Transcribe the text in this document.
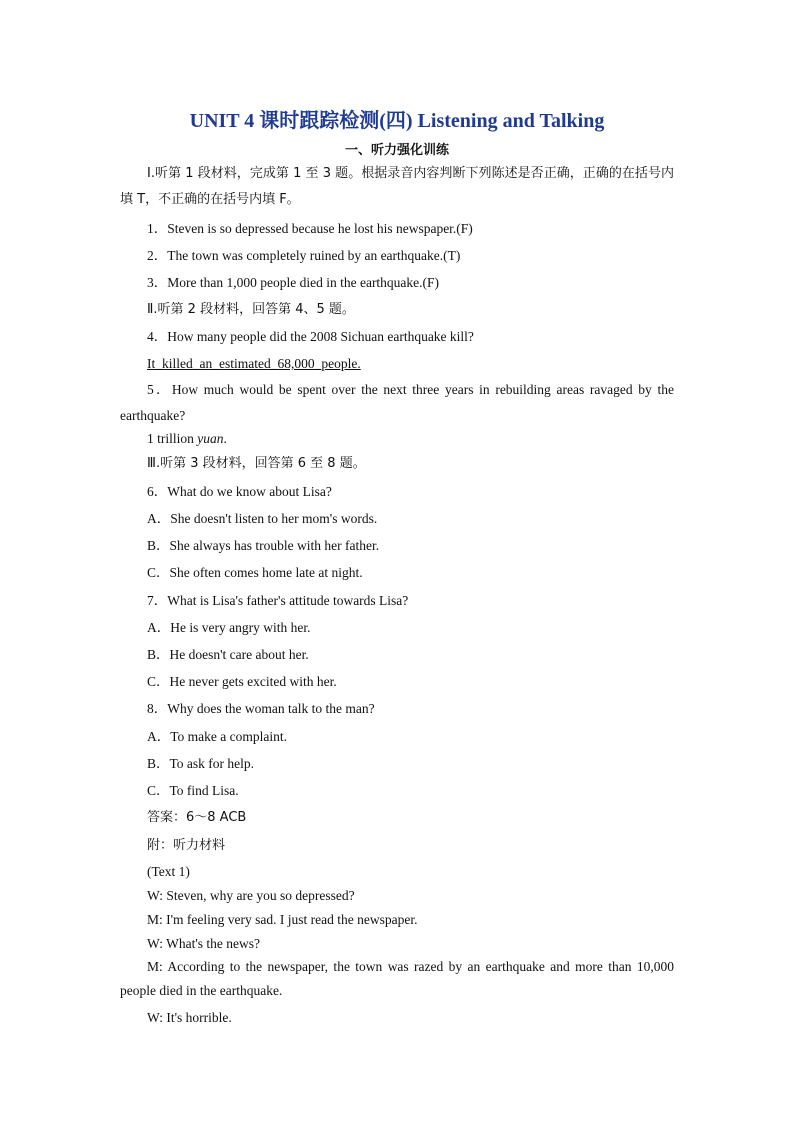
UNIT 4 课时跟踪检测(四) Listening and Talking
一、听力强化训练
Ⅰ.听第 1 段材料，完成第 1 至 3 题。根据录音内容判断下列陈述是否正确，正确的在括号内填 T，不正确的在括号内填 F。
1．Steven is so depressed because he lost his newspaper.(F)
2．The town was completely ruined by an earthquake.(T)
3．More than 1,000 people died in the earthquake.(F)
Ⅱ.听第 2 段材料，回答第 4、5 题。
4．How many people did the 2008 Sichuan earthquake kill?
It_killed_an_estimated_68,000_people.
5．How much would be spent over the next three years in rebuilding areas ravaged by the earthquake?
1 trillion yuan.
Ⅲ.听第 3 段材料，回答第 6 至 8 题。
6．What do we know about Lisa?
A．She doesn't listen to her mom's words.
B．She always has trouble with her father.
C．She often comes home late at night.
7．What is Lisa's father's attitude towards Lisa?
A．He is very angry with her.
B．He doesn't care about her.
C．He never gets excited with her.
8．Why does the woman talk to the man?
A．To make a complaint.
B．To ask for help.
C．To find Lisa.
答案：6～8 ACB
附：听力材料
(Text 1)
W: Steven, why are you so depressed?
M: I'm feeling very sad. I just read the newspaper.
W: What's the news?
M: According to the newspaper, the town was razed by an earthquake and more than 10,000 people died in the earthquake.
W: It's horrible.
